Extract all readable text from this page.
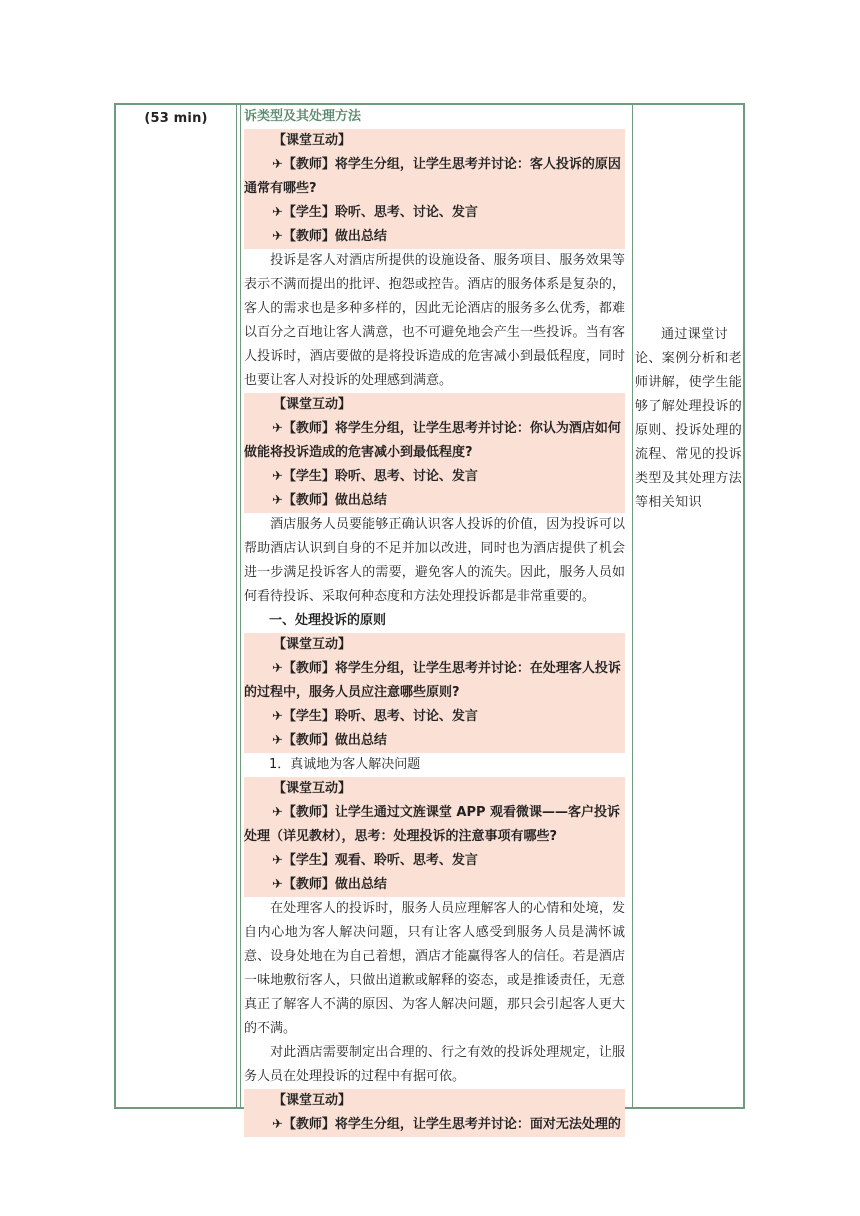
(53 min)	诉类型及其处理方法
【课堂互动】
✈【教师】将学生分组，让学生思考并讨论：客人投诉的原因
通常有哪些?
✈【学生】聆听、思考、讨论、发言
✈【教师】做出总结
投诉是客人对酒店所提供的设施设备、服务项目、服务效果等表示不满而提出的批评、抱怨或控告。酒店的服务体系是复杂的，客人的需求也是多种多样的，因此无论酒店的服务多么优秀，都难以百分之百地让客人满意，也不可避免地会产生一些投诉。当有客人投诉时，酒店要做的是将投诉造成的危害减小到最低程度，同时也要让客人对投诉的处理感到满意。
【课堂互动】
✈【教师】将学生分组，让学生思考并讨论：你认为酒店如何
做能将投诉造成的危害减小到最低程度?
✈【学生】聆听、思考、讨论、发言
✈【教师】做出总结
酒店服务人员要能够正确认识客人投诉的价值，因为投诉可以帮助酒店认识到自身的不足并加以改进，同时也为酒店提供了机会进一步满足投诉客人的需要，避免客人的流失。因此，服务人员如何看待投诉、采取何种态度和方法处理投诉都是非常重要的。
一、处理投诉的原则
【课堂互动】
✈【教师】将学生分组，让学生思考并讨论：在处理客人投诉
的过程中，服务人员应注意哪些原则?
✈【学生】聆听、思考、讨论、发言
✈【教师】做出总结
1．真诚地为客人解决问题
【课堂互动】
✈【教师】让学生通过文旌课堂 APP 观看微课——客户投诉
处理（详见教材），思考：处理投诉的注意事项有哪些?
✈【学生】观看、聆听、思考、发言
✈【教师】做出总结
在处理客人的投诉时，服务人员应理解客人的心情和处境，发自内心地为客人解决问题，只有让客人感受到服务人员是满怀诚意、设身处地在为自己着想，酒店才能赢得客人的信任。若是酒店一味地敷衍客人，只做出道歉或解释的姿态，或是推诿责任，无意真正了解客人不满的原因、为客人解决问题，那只会引起客人更大的不满。
对此酒店需要制定出合理的、行之有效的投诉处理规定，让服务人员在处理投诉的过程中有据可依。
【课堂互动】
✈【教师】将学生分组，让学生思考并讨论：面对无法处理的
通过课堂讨论、案例分析和老师讲解，使学生能够了解处理投诉的原则、投诉处理的流程、常见的投诉类型及其处理方法等相关知识
